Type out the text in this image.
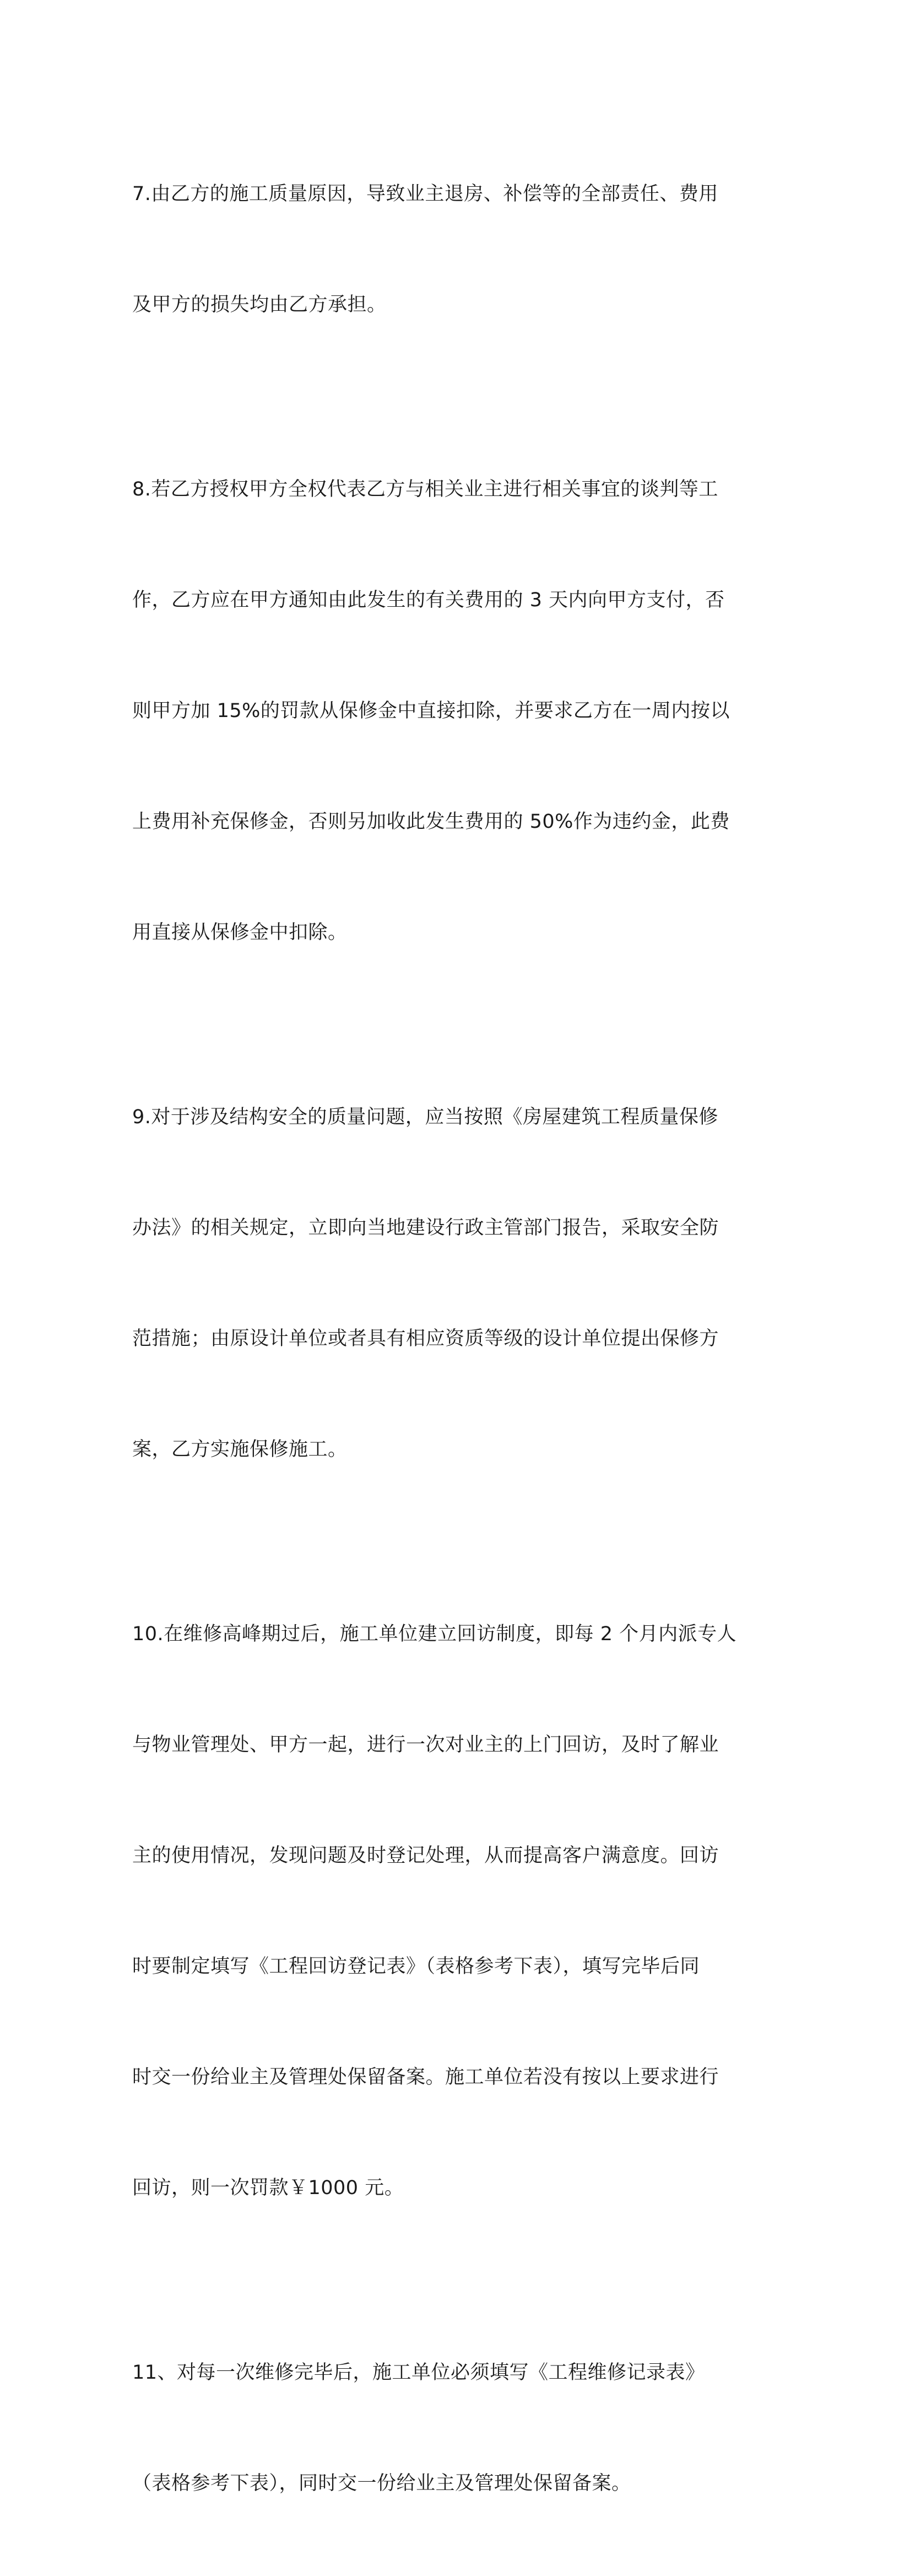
7.由乙方的施工质量原因，导致业主退房、补偿等的全部责任、费用

及甲方的损失均由乙方承担。

8.若乙方授权甲方全权代表乙方与相关业主进行相关事宜的谈判等工

作，乙方应在甲方通知由此发生的有关费用的 3 天内向甲方支付，否

则甲方加 15%的罚款从保修金中直接扣除，并要求乙方在一周内按以

上费用补充保修金，否则另加收此发生费用的 50%作为违约金，此费

用直接从保修金中扣除。

9.对于涉及结构安全的质量问题，应当按照《房屋建筑工程质量保修

办法》的相关规定，立即向当地建设行政主管部门报告，采取安全防

范措施；由原设计单位或者具有相应资质等级的设计单位提出保修方

案，乙方实施保修施工。

10.在维修高峰期过后，施工单位建立回访制度，即每 2 个月内派专人

与物业管理处、甲方一起，进行一次对业主的上门回访，及时了解业

主的使用情况，发现问题及时登记处理，从而提高客户满意度。回访

时要制定填写《工程回访登记表》（表格参考下表），填写完毕后同

时交一份给业主及管理处保留备案。施工单位若没有按以上要求进行

回访，则一次罚款￥1000 元。

11、对每一次维修完毕后，施工单位必须填写《工程维修记录表》

（表格参考下表），同时交一份给业主及管理处保留备案。
